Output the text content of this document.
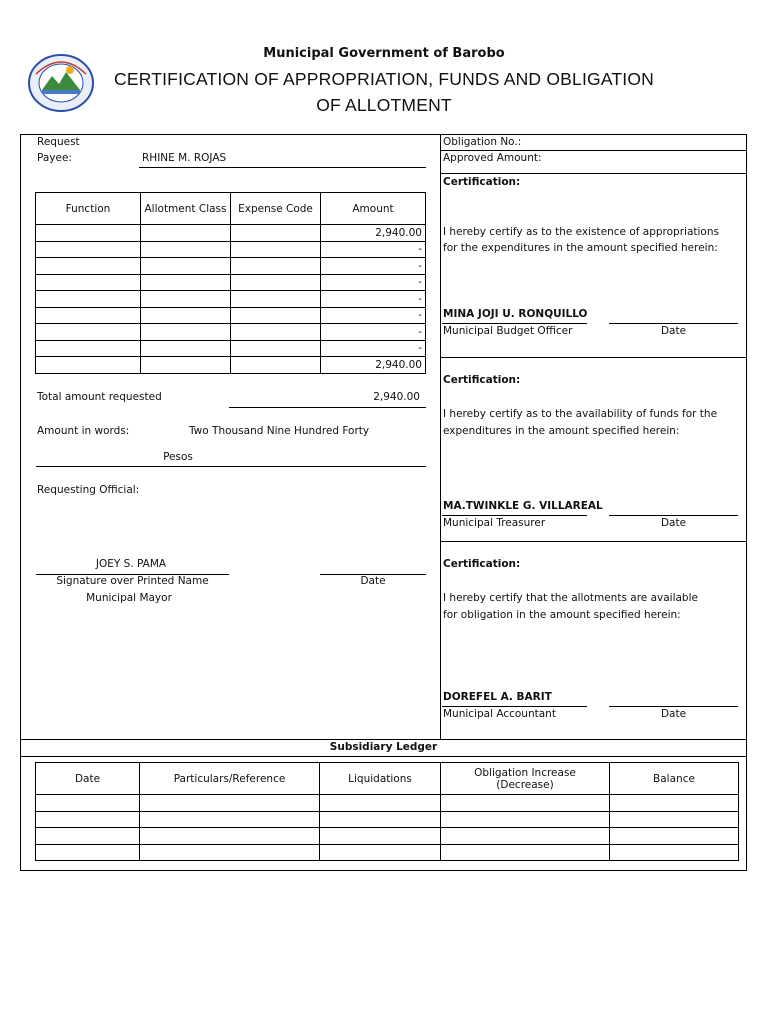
Municipal Government of Barobo
CERTIFICATION OF APPROPRIATION, FUNDS AND OBLIGATION
OF ALLOTMENT
Request
Payee:	RHINE M. ROJAS
Function	Allotment Class	Expense Code	Amount
			2,940.00
			-
			-
			-
			-
			-
			-
			-
			2,940.00
Total amount requested	2,940.00
Amount in words:	Two Thousand Nine Hundred Forty
Pesos
Requesting Official:
JOEY S. PAMA
Signature over Printed Name	Date
Municipal Mayor
Obligation No.:
Approved Amount:
Certification:
I hereby certify as to the existence of appropriations
for the expenditures in the amount specified herein:
MINA JOJI U. RONQUILLO
Municipal Budget Officer	Date
Certification:
I hereby certify as to the availability of funds for the
expenditures in the amount specified herein:
MA.TWINKLE G. VILLAREAL
Municipal Treasurer	Date
Certification:
I hereby certify that the allotments are available
for obligation in the amount specified herein:
DOREFEL A. BARIT
Municipal Accountant	Date
Subsidiary Ledger
Date	Particulars/Reference	Liquidations	Obligation Increase (Decrease)	Balance
